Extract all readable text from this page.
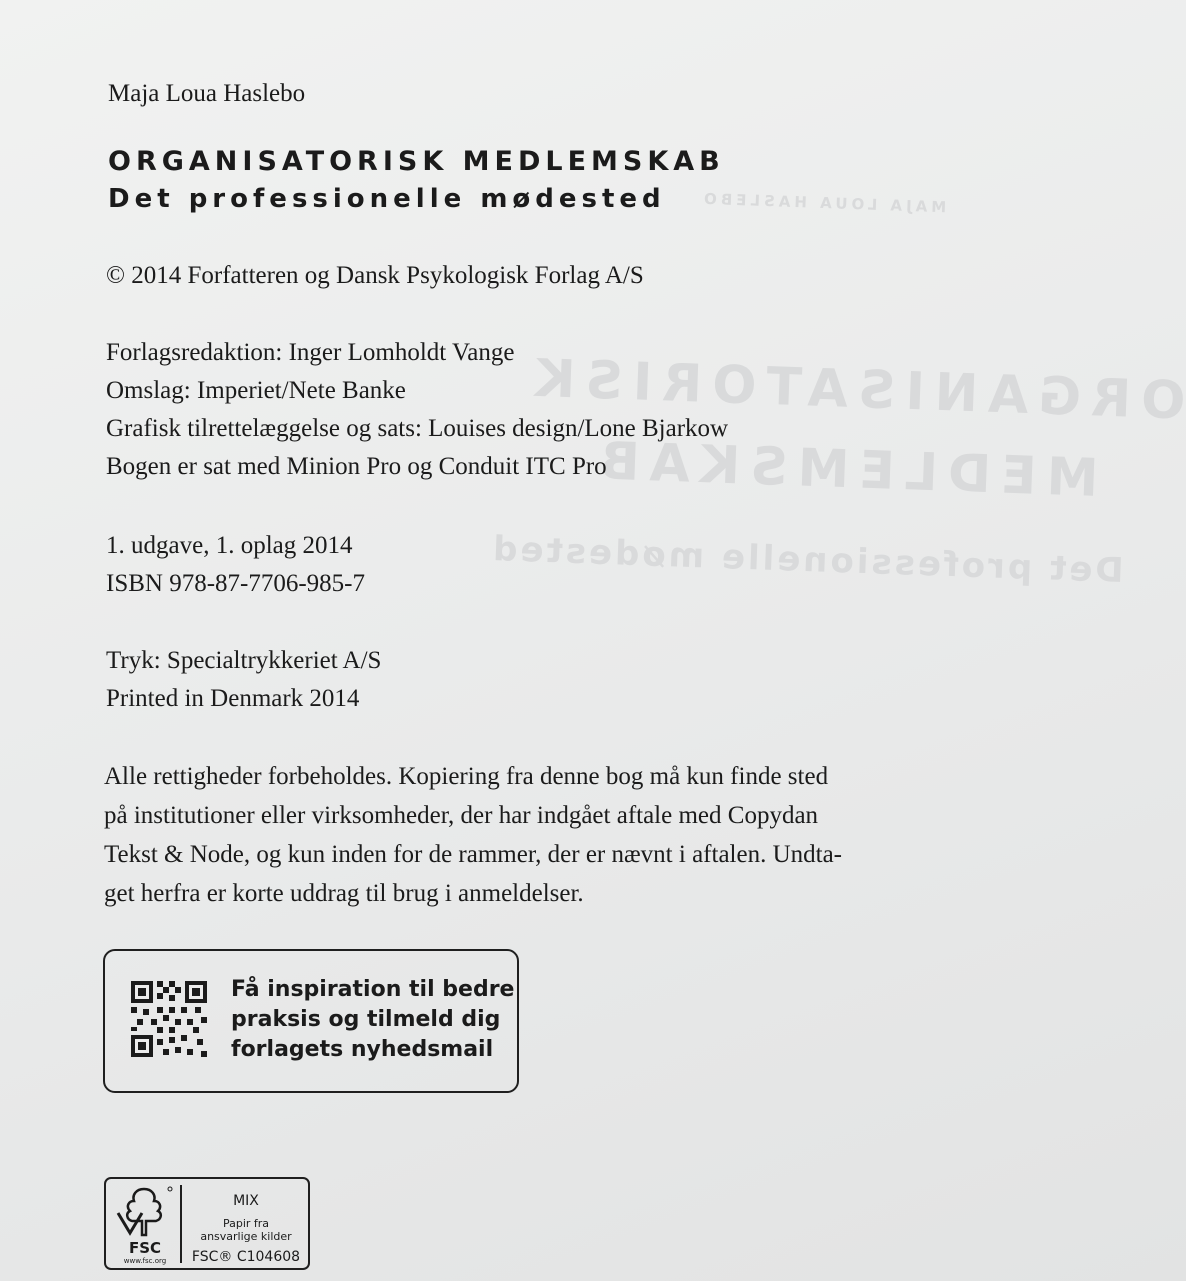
MAJA LOUA HASLEBO
ORGANISATORISK
MEDLEMSKAB
Det professionelle mødested
Maja Loua Haslebo
ORGANISATORISK MEDLEMSKAB
Det professionelle mødested
© 2014 Forfatteren og Dansk Psykologisk Forlag A/S
Forlagsredaktion: Inger Lomholdt Vange
Omslag: Imperiet/Nete Banke
Grafisk tilrettelæggelse og sats: Louises design/Lone Bjarkow
Bogen er sat med Minion Pro og Conduit ITC Pro
1. udgave, 1. oplag 2014
ISBN 978-87-7706-985-7
Tryk: Specialtrykkeriet A/S
Printed in Denmark 2014

Alle rettigheder forbeholdes. Kopiering fra denne bog må kun finde sted

på institutioner eller virksomheder, der har indgået aftale med Copydan

Tekst & Node, og kun inden for de rammer, der er nævnt i aftalen. Undta-

get herfra er korte uddrag til brug i anmeldelser.

Få inspiration til bedre
praksis og tilmeld dig
forlagets nyhedsmail
FSC
www.fsc.org
MIX
Papir fra
ansvarlige kilder
FSC® C104608
